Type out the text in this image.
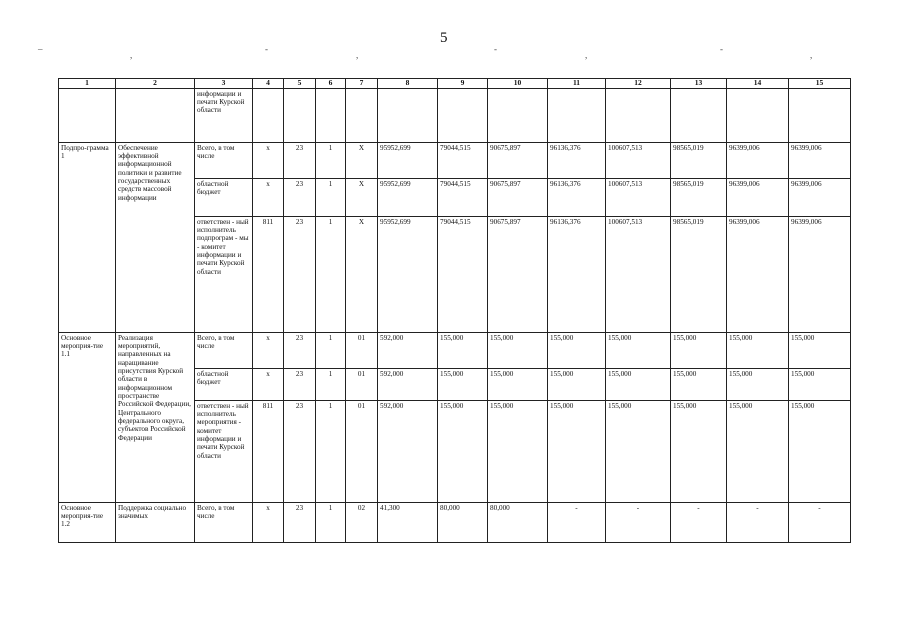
5
–
,
-
,
-
,
-
,
1	2	3	4	5	6	7	8	9	10	11	12	13	14	15
		информации и печати Курской области												
Подпро-грамма 1	Обеспечение эффективной информационной политики и развитие государственных средств массовой информации	Всего, в том числе	х	23	1	Х	95952,699	79044,515	90675,897	96136,376	100607,513	98565,019	96399,006	96399,006
		областной бюджет	х	23	1	Х	95952,699	79044,515	90675,897	96136,376	100607,513	98565,019	96399,006	96399,006
		ответствен - ный исполнитель подпрограм - мы - комитет информации и печати Курской области	811	23	1	Х	95952,699	79044,515	90675,897	96136,376	100607,513	98565,019	96399,006	96399,006
Основное мероприя-тие 1.1	Реализация мероприятий, направленных на наращивание присутствия Курской области в информационном пространстве Российской Федерации, Центрального федерального округа, субъектов Российской Федерации	Всего, в том числе	х	23	1	01	592,000	155,000	155,000	155,000	155,000	155,000	155,000	155,000
		областной бюджет	х	23	1	01	592,000	155,000	155,000	155,000	155,000	155,000	155,000	155,000
		ответствен - ный исполнитель мероприятия - комитет информации и печати Курской области	811	23	1	01	592,000	155,000	155,000	155,000	155,000	155,000	155,000	155,000
Основное мероприя-тие 1.2	Поддержка социально значимых	Всего, в том числе	х	23	1	02	41,300	80,000	80,000	-	-	-	-	-
